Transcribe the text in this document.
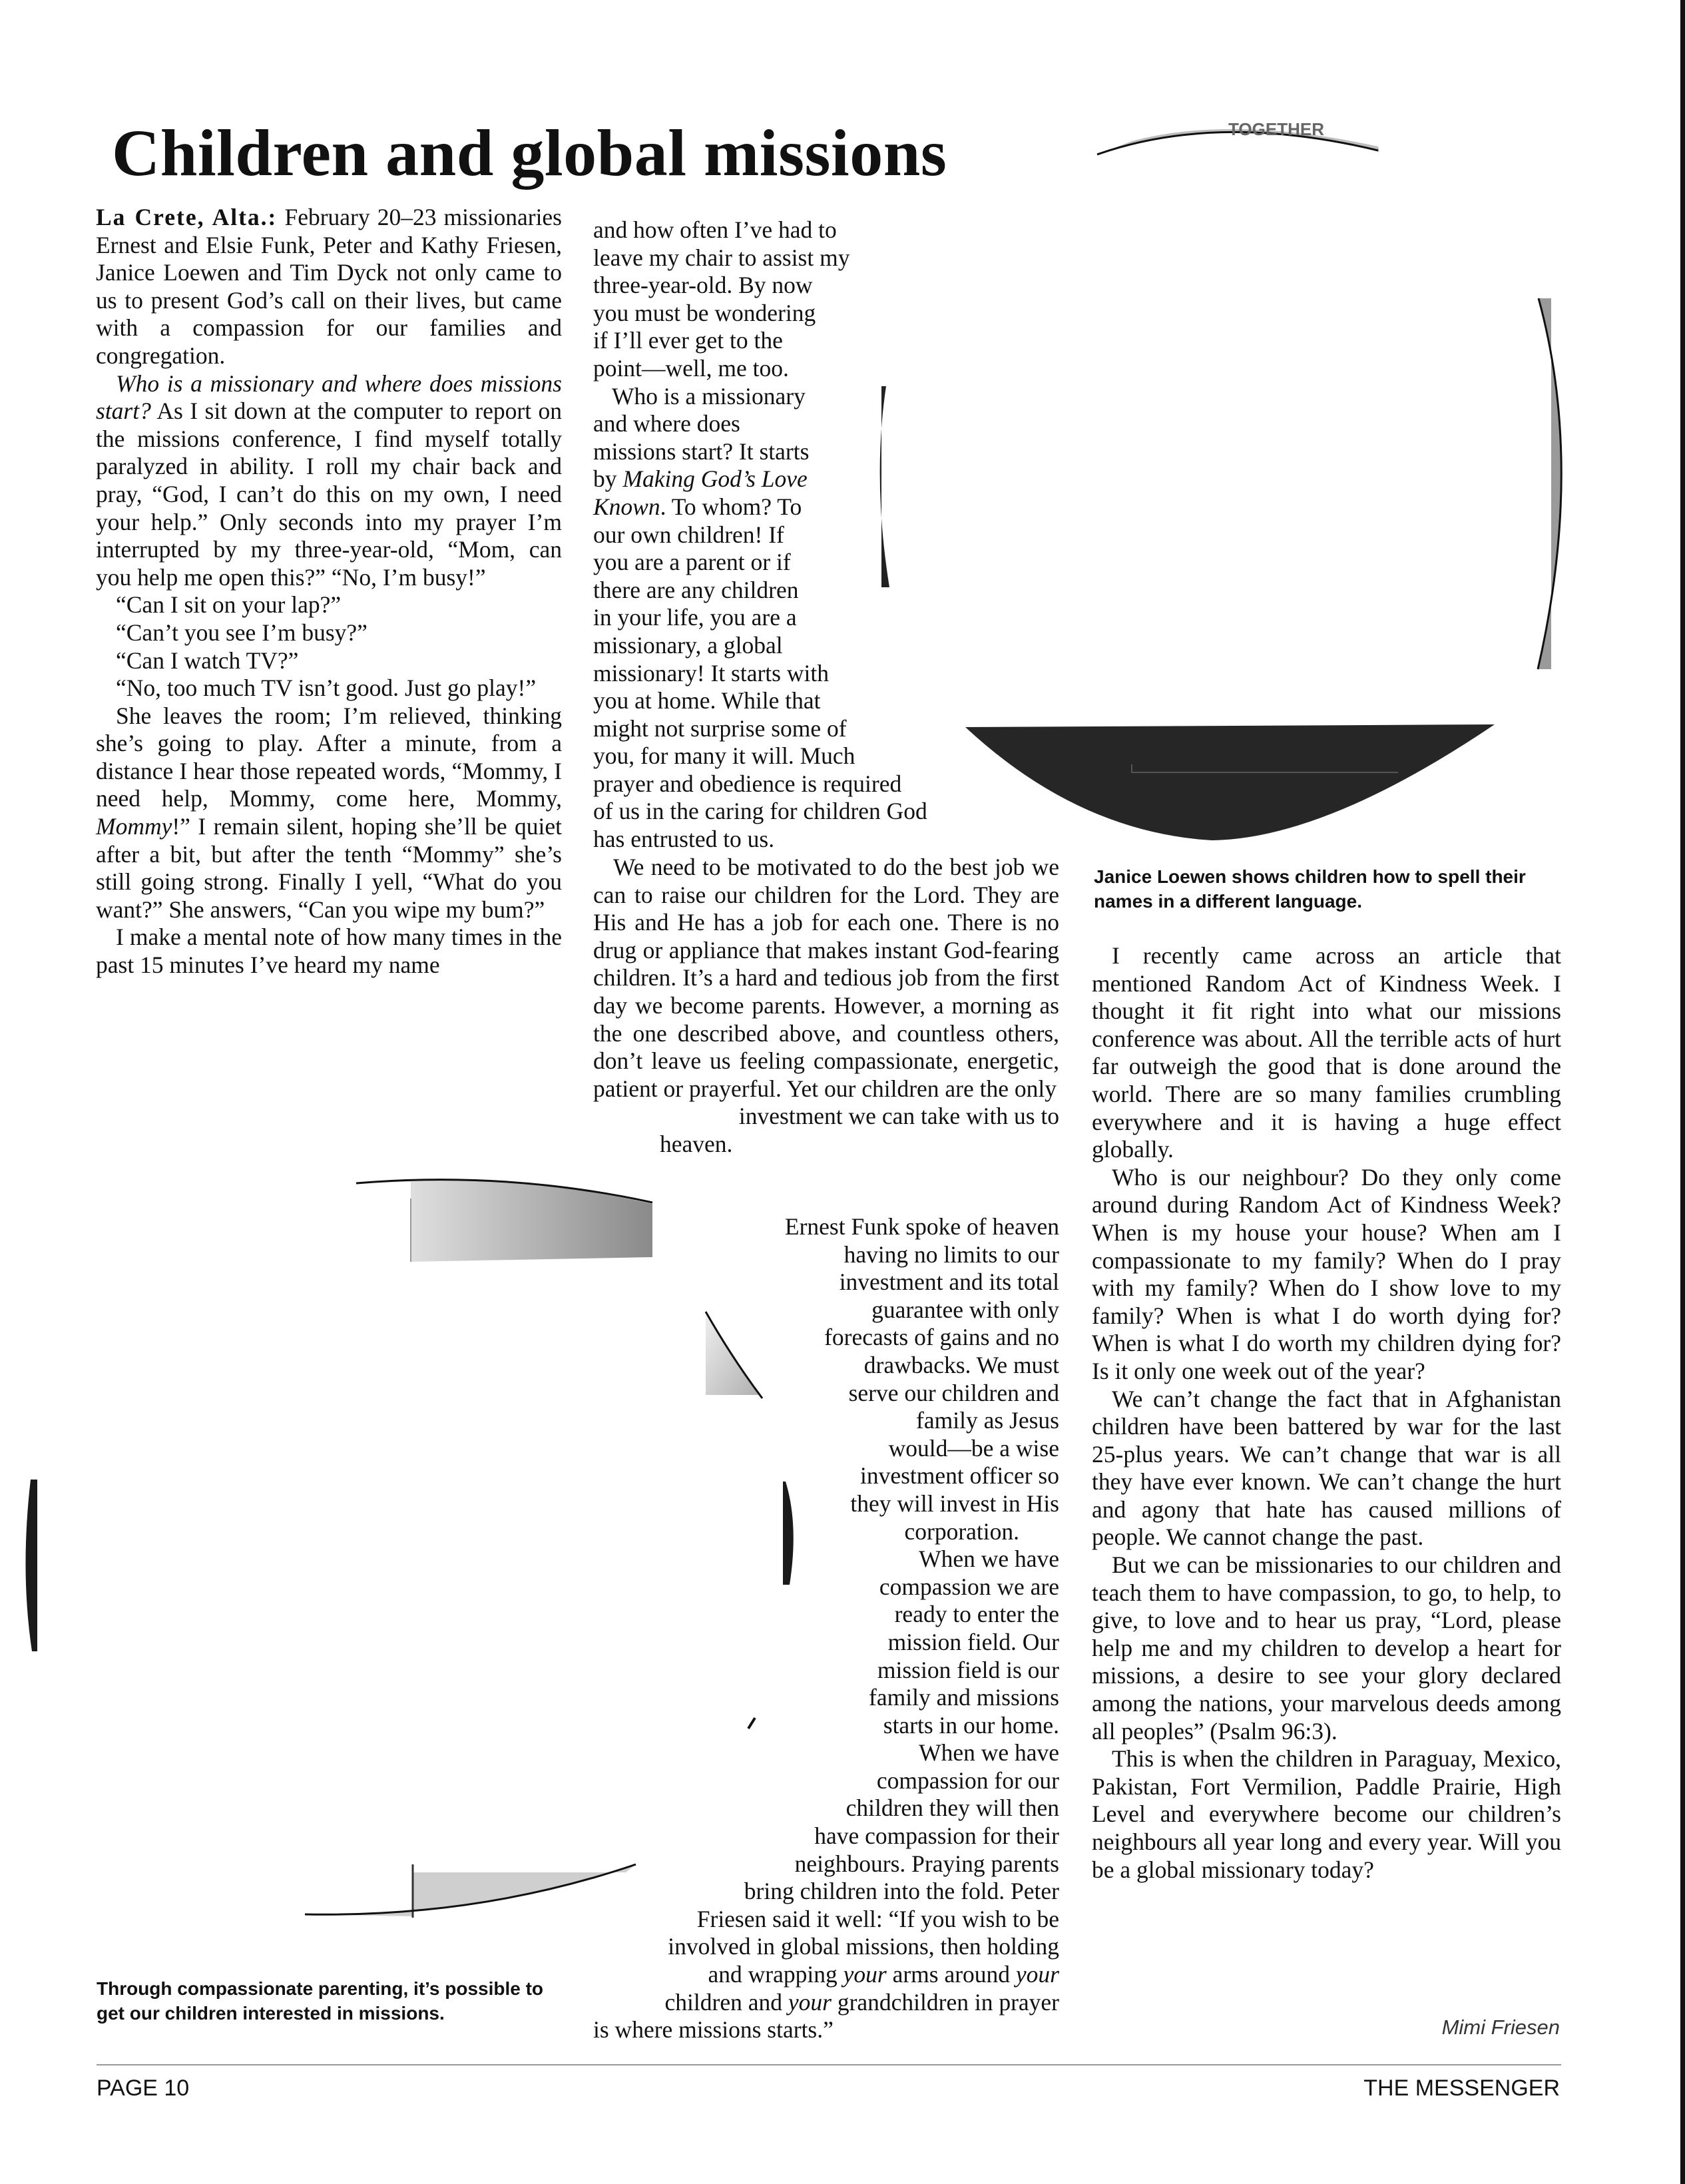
TOGETHER
Children and global missions

La Crete, Alta.: February 20–23 missionaries Ernest and Elsie Funk, Peter and Kathy Friesen, Janice Loewen and Tim Dyck not only came to us to present God’s call on their lives, but came with a compassion for our families and congregation.

Who is a missionary and where does missions start? As I sit down at the computer to report on the missions conference, I find myself totally paralyzed in ability. I roll my chair back and pray, “God, I can’t do this on my own, I need your help.” Only seconds into my prayer I’m interrupted by my three-year-old, “Mom, can you help me open this?” “No, I’m busy!”

“Can I sit on your lap?”

“Can’t you see I’m busy?”

“Can I watch TV?”

“No, too much TV isn’t good. Just go play!”

She leaves the room; I’m relieved, thinking she’s going to play. After a minute, from a distance I hear those repeated words, “Mommy, I need help, Mommy, come here, Mommy, Mommy!” I remain silent, hoping she’ll be quiet after a bit, but after the tenth “Mommy” she’s still going strong. Finally I yell, “What do you want?” She answers, “Can you wipe my bum?”

I make a mental note of how many times in the past 15 minutes I’ve heard my name

and how often I’ve had to
leave my chair to assist my
three-year-old. By now
you must be wondering
if I’ll ever get to the
point—well, me too.
Who is a missionary
and where does
missions start? It starts
by Making God’s Love
Known. To whom? To
our own children! If
you are a parent or if
there are any children
in your life, you are a
missionary, a global
missionary! It starts with
you at home. While that
might not surprise some of
you, for many it will. Much
prayer and obedience is required
of us in the caring for children God
has entrusted to us.

We need to be motivated to do the best job we can to raise our children for the Lord. They are His and He has a job for each one. There is no drug or appliance that makes instant God-fearing children. It’s a hard and tedious job from the first day we become parents. However, a morning as the one described above, and countless others, don’t leave us feeling compassionate, energetic, patient or prayerful. Yet our children are the only

investment we can take with us to
heaven.
Ernest Funk spoke of heaven
having no limits to our
investment and its total
guarantee with only
forecasts of gains and no
drawbacks. We must
serve our children and
family as Jesus
would—be a wise
investment officer so
they will invest in His
corporation.
When we have
compassion we are
ready to enter the
mission field. Our
mission field is our
family and missions
starts in our home.
When we have
compassion for our
children they will then
have compassion for their
neighbours. Praying parents
bring children into the fold. Peter
Friesen said it well: “If you wish to be
involved in global missions, then holding
and wrapping your arms around your
children and your grandchildren in prayer
is where missions starts.”
Janice Loewen shows children how to spell their names in a different language.

I recently came across an article that mentioned Random Act of Kindness Week. I thought it fit right into what our missions conference was about. All the terrible acts of hurt far outweigh the good that is done around the world. There are so many families crumbling everywhere and it is having a huge effect globally.

Who is our neighbour? Do they only come around during Random Act of Kindness Week? When is my house your house? When am I compassionate to my family? When do I pray with my family? When do I show love to my family? When is what I do worth dying for? When is what I do worth my children dying for? Is it only one week out of the year?

We can’t change the fact that in Afghanistan children have been battered by war for the last 25-plus years. We can’t change that war is all they have ever known. We can’t change the hurt and agony that hate has caused millions of people. We cannot change the past.

But we can be missionaries to our children and teach them to have compassion, to go, to help, to give, to love and to hear us pray, “Lord, please help me and my children to develop a heart for missions, a desire to see your glory declared among the nations, your marvelous deeds among all peoples” (Psalm 96:3).

This is when the children in Paraguay, Mexico, Pakistan, Fort Vermilion, Paddle Prairie, High Level and everywhere become our children’s neighbours all year long and every year. Will you be a global missionary today?

Mimi Friesen
Through compassionate parenting, it’s possible to get our children interested in missions.
PAGE 10	THE MESSENGER
